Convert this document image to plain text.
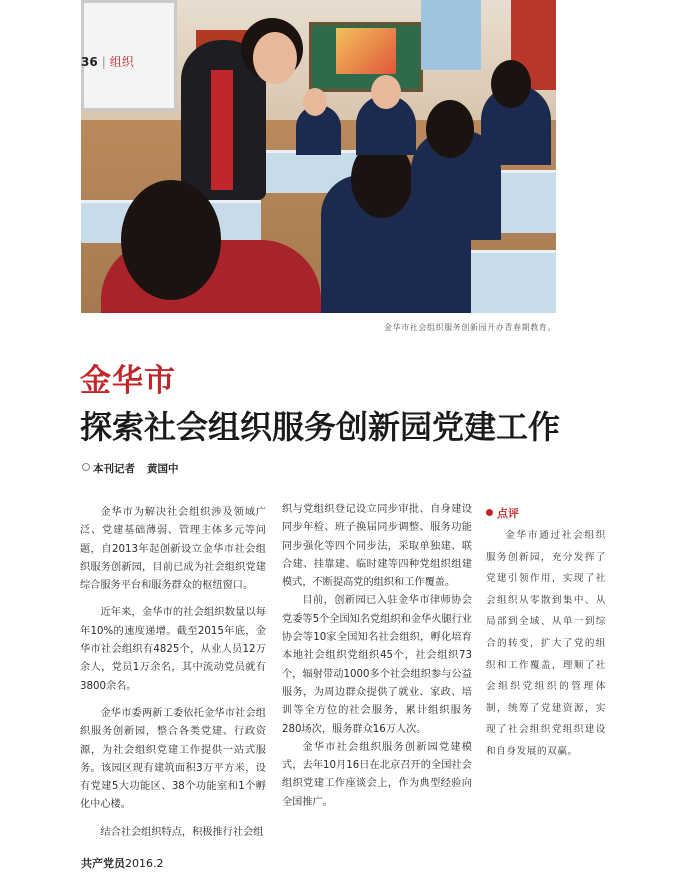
金华市社会组织服务创新园开办青春期教育。
36 | 组织
金华市
探索社会组织服务创新园党建工作
本刊记者 黄国中

金华市为解决社会组织涉及领域广泛、党建基础薄弱、管理主体多元等问题，自2013年起创新设立金华市社会组织服务创新园，目前已成为社会组织党建综合服务平台和服务群众的枢纽窗口。

近年来，金华市的社会组织数量以每年10%的速度递增。截至2015年底，金华市社会组织有4825个，从业人员12万余人，党员1万余名，其中流动党员就有3800余名。

金华市委两新工委依托金华市社会组织服务创新园，整合各类党建、行政资源，为社会组织党建工作提供一站式服务。该园区现有建筑面积3万平方米，设有党建5大功能区、38个功能室和1个孵化中心楼。

结合社会组织特点，积极推行社会组

织与党组织登记设立同步审批、自身建设同步年检、班子换届同步调整、服务功能同步强化等四个同步法，采取单独建、联合建、挂靠建、临时建等四种党组织组建模式，不断提高党的组织和工作覆盖。

目前，创新园已入驻金华市律师协会党委等5个全国知名党组织和金华火腿行业协会等10家全国知名社会组织，孵化培育本地社会组织党组织45个，社会组织73个，辐射带动1000多个社会组织参与公益服务，为周边群众提供了就业、家政、培训等全方位的社会服务，累计组织服务280场次，服务群众16万人次。

金华市社会组织服务创新园党建模式，去年10月16日在北京召开的全国社会组织党建工作座谈会上，作为典型经验向全国推广。

点评
金华市通过社会组织服务创新园，充分发挥了党建引领作用，实现了社会组织从零散到集中、从局部到全域、从单一到综合的转变，扩大了党的组织和工作覆盖，理顺了社会组织党组织的管理体制，统筹了党建资源，实现了社会组织党组织建设和自身发展的双赢。
共产党员2016.2
